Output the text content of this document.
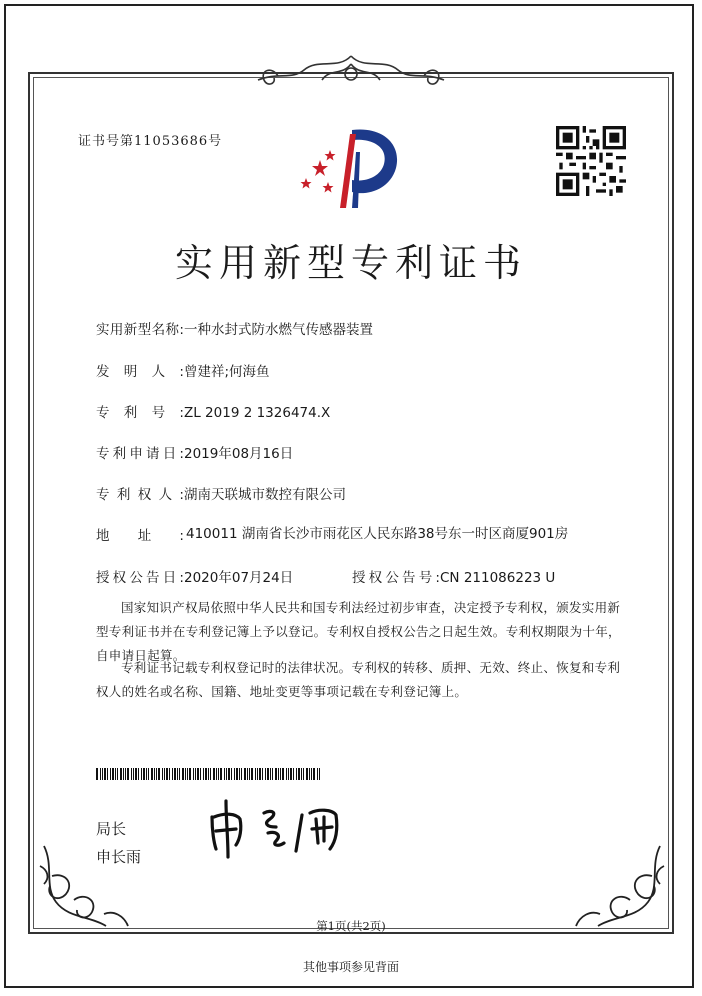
证书号第11053686号
实用新型专利证书
实用新型名称:一种水封式防水燃气传感器装置
发明人:曾建祥;何海鱼
专利号:ZL 2019 2 1326474.X
专利申请日:2019年08月16日
专利权人:湖南天联城市数控有限公司
地址: 410011 湖南省长沙市雨花区人民东路38号东一时区商厦901房
授权公告日:2020年07月24日	授权公告号:CN 211086223 U
国家知识产权局依照中华人民共和国专利法经过初步审查，决定授予专利权，颁发实用新型专利证书并在专利登记簿上予以登记。专利权自授权公告之日起生效。专利权期限为十年，自申请日起算。
专利证书记载专利权登记时的法律状况。专利权的转移、质押、无效、终止、恢复和专利权人的姓名或名称、国籍、地址变更等事项记载在专利登记簿上。
局长
申长雨
第1页(共2页)
其他事项参见背面
